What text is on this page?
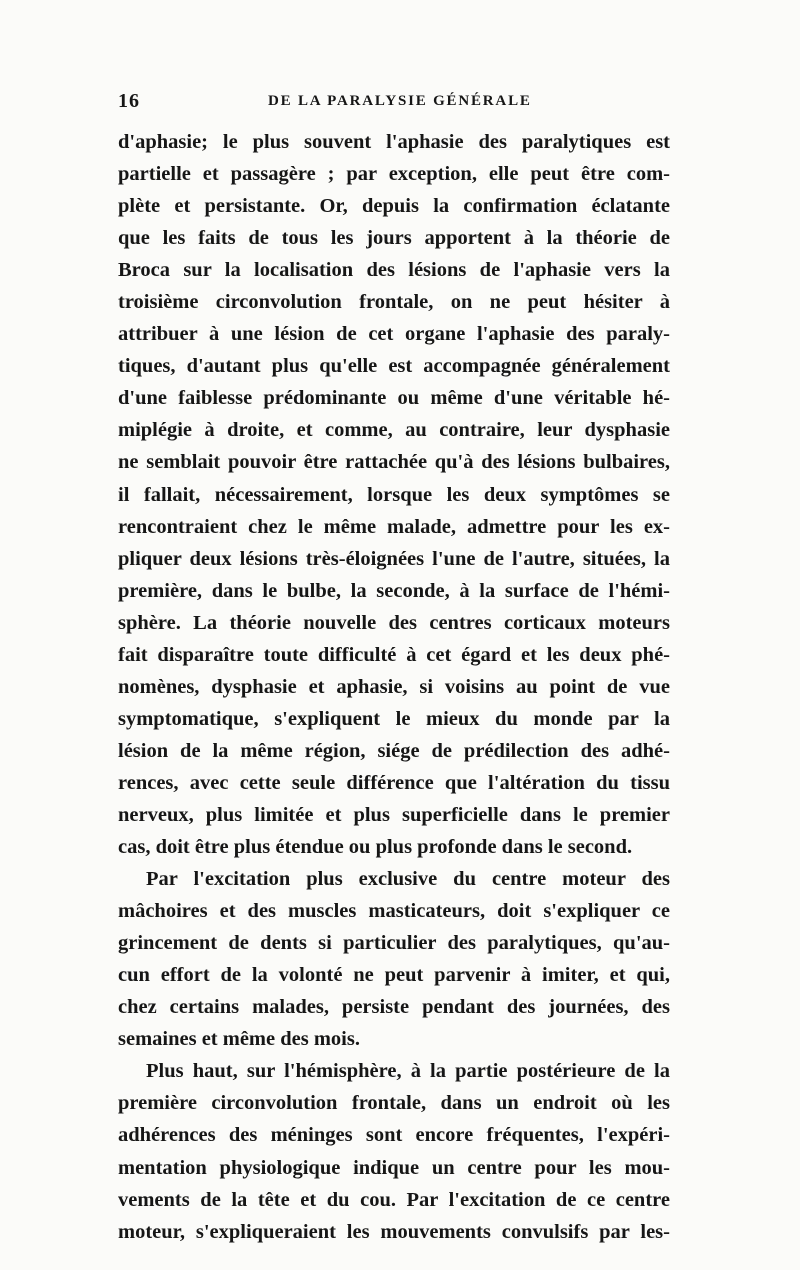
16	DE LA PARALYSIE GÉNÉRALE
d'aphasie; le plus souvent l'aphasie des paralytiques est
partielle et passagère ; par exception, elle peut être com-
plète et persistante. Or, depuis la confirmation éclatante
que les faits de tous les jours apportent à la théorie de
Broca sur la localisation des lésions de l'aphasie vers la
troisième circonvolution frontale, on ne peut hésiter à
attribuer à une lésion de cet organe l'aphasie des paraly-
tiques, d'autant plus qu'elle est accompagnée généralement
d'une faiblesse prédominante ou même d'une véritable hé-
miplégie à droite, et comme, au contraire, leur dysphasie
ne semblait pouvoir être rattachée qu'à des lésions bulbaires,
il fallait, nécessairement, lorsque les deux symptômes se
rencontraient chez le même malade, admettre pour les ex-
pliquer deux lésions très-éloignées l'une de l'autre, situées, la
première, dans le bulbe, la seconde, à la surface de l'hémi-
sphère. La théorie nouvelle des centres corticaux moteurs
fait disparaître toute difficulté à cet égard et les deux phé-
nomènes, dysphasie et aphasie, si voisins au point de vue
symptomatique, s'expliquent le mieux du monde par la
lésion de la même région, siége de prédilection des adhé-
rences, avec cette seule différence que l'altération du tissu
nerveux, plus limitée et plus superficielle dans le premier
cas, doit être plus étendue ou plus profonde dans le second.
Par l'excitation plus exclusive du centre moteur des
mâchoires et des muscles masticateurs, doit s'expliquer ce
grincement de dents si particulier des paralytiques, qu'au-
cun effort de la volonté ne peut parvenir à imiter, et qui,
chez certains malades, persiste pendant des journées, des
semaines et même des mois.
Plus haut, sur l'hémisphère, à la partie postérieure de la
première circonvolution frontale, dans un endroit où les
adhérences des méninges sont encore fréquentes, l'expéri-
mentation physiologique indique un centre pour les mou-
vements de la tête et du cou. Par l'excitation de ce centre
moteur, s'expliqueraient les mouvements convulsifs par les-
